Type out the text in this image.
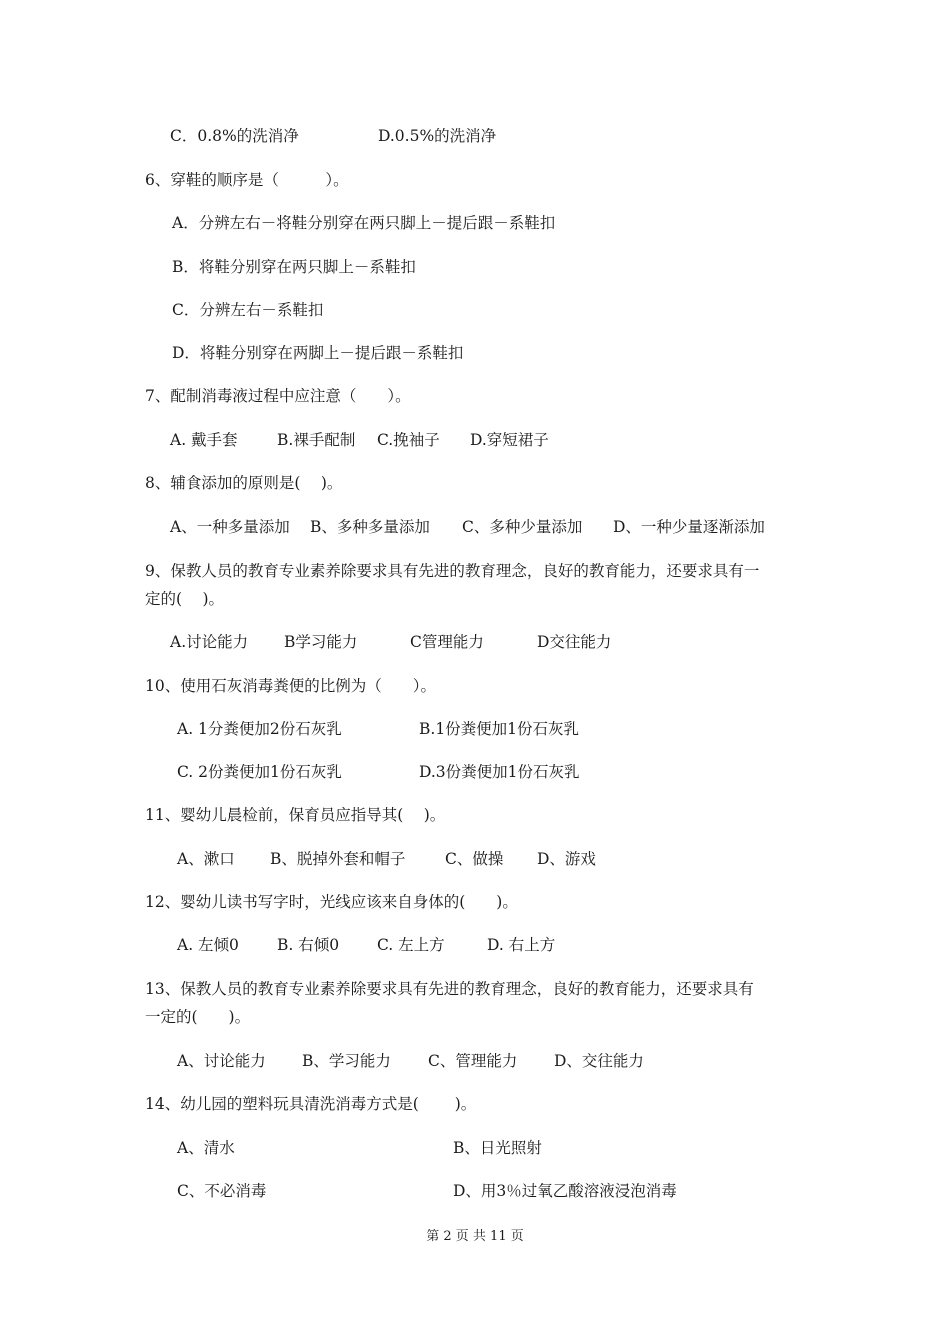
C．0.8%的洗消净	D.0.5%的洗消净
6、穿鞋的顺序是（　　　）。
A．分辨左右－将鞋分别穿在两只脚上－提后跟－系鞋扣
B．将鞋分别穿在两只脚上－系鞋扣
C．分辨左右－系鞋扣
D．将鞋分别穿在两脚上－提后跟－系鞋扣
7、配制消毒液过程中应注意（　　）。
A. 戴手套	B.裸手配制 C.挽袖子 D.穿短裙子
8、辅食添加的原则是(　 )。
A、一种多量添加 B、多种多量添加 C、多种少量添加 D、一种少量逐渐添加
9、保教人员的教育专业素养除要求具有先进的教育理念，良好的教育能力，还要求具有一
定的(　 )。
A.讨论能力 B学习能力	C管理能力	D交往能力
10、使用石灰消毒粪便的比例为（　　）。
A. 1分粪便加2份石灰乳	B.1份粪便加1份石灰乳
C. 2份粪便加1份石灰乳	D.3份粪便加1份石灰乳
11、婴幼儿晨检前，保育员应指导其(　 )。
A、漱口 B、脱掉外套和帽子	C、做操 D、游戏
12、婴幼儿读书写字时，光线应该来自身体的(　　)。
A. 左倾0 B. 右倾0 C. 左上方	D. 右上方
13、保教人员的教育专业素养除要求具有先进的教育理念，良好的教育能力，还要求具有
一定的(　　)。
A、讨论能力 B、学习能力 C、管理能力 D、交往能力
14、幼儿园的塑料玩具清洗消毒方式是(　　 )。
A、清水	B、日光照射
C、不必消毒	D、用3％过氧乙酸溶液浸泡消毒
第 2 页 共 11 页
